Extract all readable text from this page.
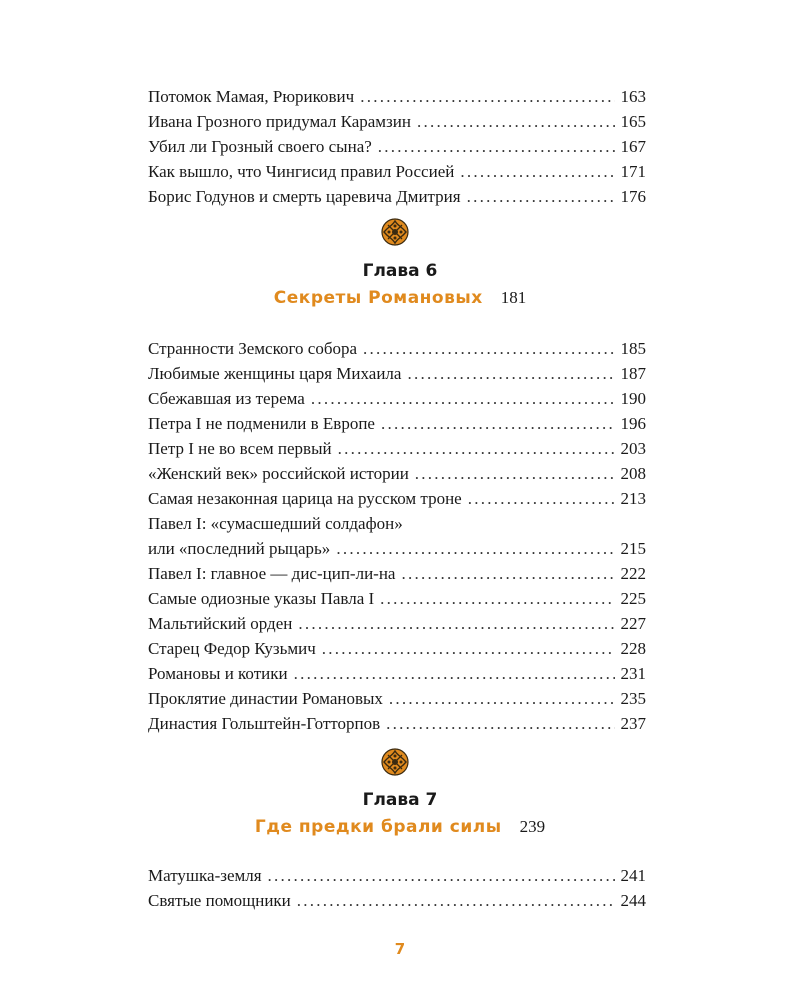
Потомок Мамая, Рюрикович . . .	163
Ивана Грозного придумал Карамзин . . .	165
Убил ли Грозный своего сына? . . .	167
Как вышло, что Чингисид правил Россией . . .	171
Борис Годунов и смерть царевича Дмитрия . . .	176
Глава 6
Секреты Романовых 181
Странности Земского собора . . .	185
Любимые женщины царя Михаила . . .	187
Сбежавшая из терема . . .	190
Петра I не подменили в Европе . . .	196
Петр I не во всем первый . . .	203
«Женский век» российской истории . . .	208
Самая незаконная царица на русском троне . . .	213
Павел I: «сумасшедший солдафон»
или «последний рыцарь» . . .	215
Павел I: главное — дис-цип-ли-на . . .	222
Самые одиозные указы Павла I . . .	225
Мальтийский орден . . .	227
Старец Федор Кузьмич . . .	228
Романовы и котики . . .	231
Проклятие династии Романовых . . .	235
Династия Гольштейн-Готторпов . . .	237
Глава 7
Где предки брали силы 239
Матушка-земля . . .	241
Святые помощники . . .	244
7
